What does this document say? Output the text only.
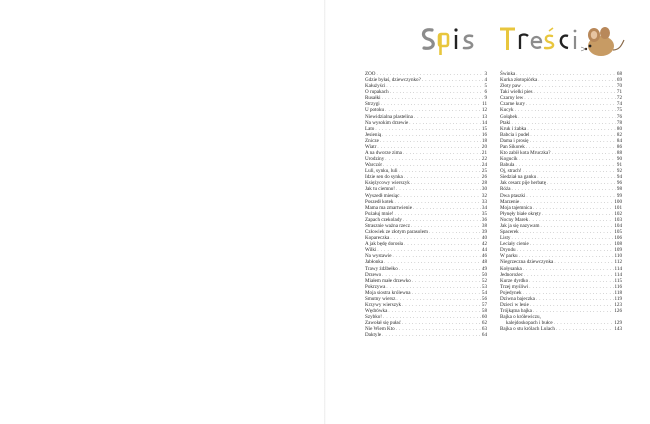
ZOO . . .	3
Gdzie byłaś, dziewczynko? . . .	4
Kałużyści . . .	5
O rupakach . . .	6
Rusałki . . .	9
Strzygi . . .	11
U potoku . . .	12
Niewidzialna plastelina . . .	13
Na wysokim drzewie . . .	14
Lato . . .	15
Jesienią . . .	16
Znicze . . .	18
Wiatr . . .	20
A na dworze zima . . .	21
Urodziny . . .	22
Warczór . . .	24
Luli, synku, luli . . .	25
Idzie sen do synka . . .	26
Księżycowy wierszyk . . .	28
Jak tu ciemno! . . .	30
Wyszedł miesiąc . . .	32
Poszedł kotek . . .	33
Mama ma zmartwienie . . .	34
Pożałuj mnie! . . .	35
Zapach czekolady . . .	36
Strasznie ważna rzecz . . .	38
Człowiek ze złotym parasolem . . .	39
Kopareczka . . .	40
A jak będę dorosła . . .	42
Wilki . . .	44
Na wystawie . . .	46
Jabłonka . . .	48
Trawy źdźbełko . . .	49
Drzewo . . .	50
Miałem małe drzewko . . .	52
Pokrzywa . . .	53
Moja siostra królewna . . .	54
Smutny wiersz . . .	56
Krzywy wierszyk . . .	57
Wędrówka . . .	58
Szybko! . . .	60
Zawołał się pułać . . .	62
Nie Wiem Kto . . .	63
Daktyle . . .	64
Świnka . . .	68
Kurka złotopiórka . . .	69
Złoty paw . . .	70
Taki wielki pies . . .	71
Czarny lew . . .	72
Czarne kury . . .	74
Kucyk . . .	75
Gołąbek . . .	76
Ptaki . . .	78
Kruk i żabka . . .	80
Babcia i pudel . . .	82
Dama i prosię . . .	84
Pan Sikorek . . .	86
Kto zabił kota Mruczka? . . .	88
Kogucik . . .	90
Babula . . .	91
Oj, strach! . . .	92
Siedział na ganku . . .	94
Jak cesarz pije herbatę . . .	96
Róża . . .	98
Dwa ptaszki . . .	99
Marzenie . . .	100
Moja tajemnica . . .	101
Płynęły białe okręty . . .	102
Nocny Marek . . .	103
Jak ja się nazywam . . .	104
Spacerek . . .	105
Listy . . .	106
Leciały cienie . . .	108
Dryndu . . .	109
W parku . . .	110
Niegrzeczna dziewczynka . . .	112
Kołysanka . . .	114
Jednorożec . . .	114
Kurze dyrdko . . .	115
Trzej myśliwi . . .	116
Pojedynek . . .	118
Dziwna bajeczka . . .	119
Dzieci w lesie . . .	123
Trójkątna bajka . . .	126
Bajka o królewiczu,
kalejdoskopach i bułce . . .	129
Bajka o stu królach Lulach . . .	143
